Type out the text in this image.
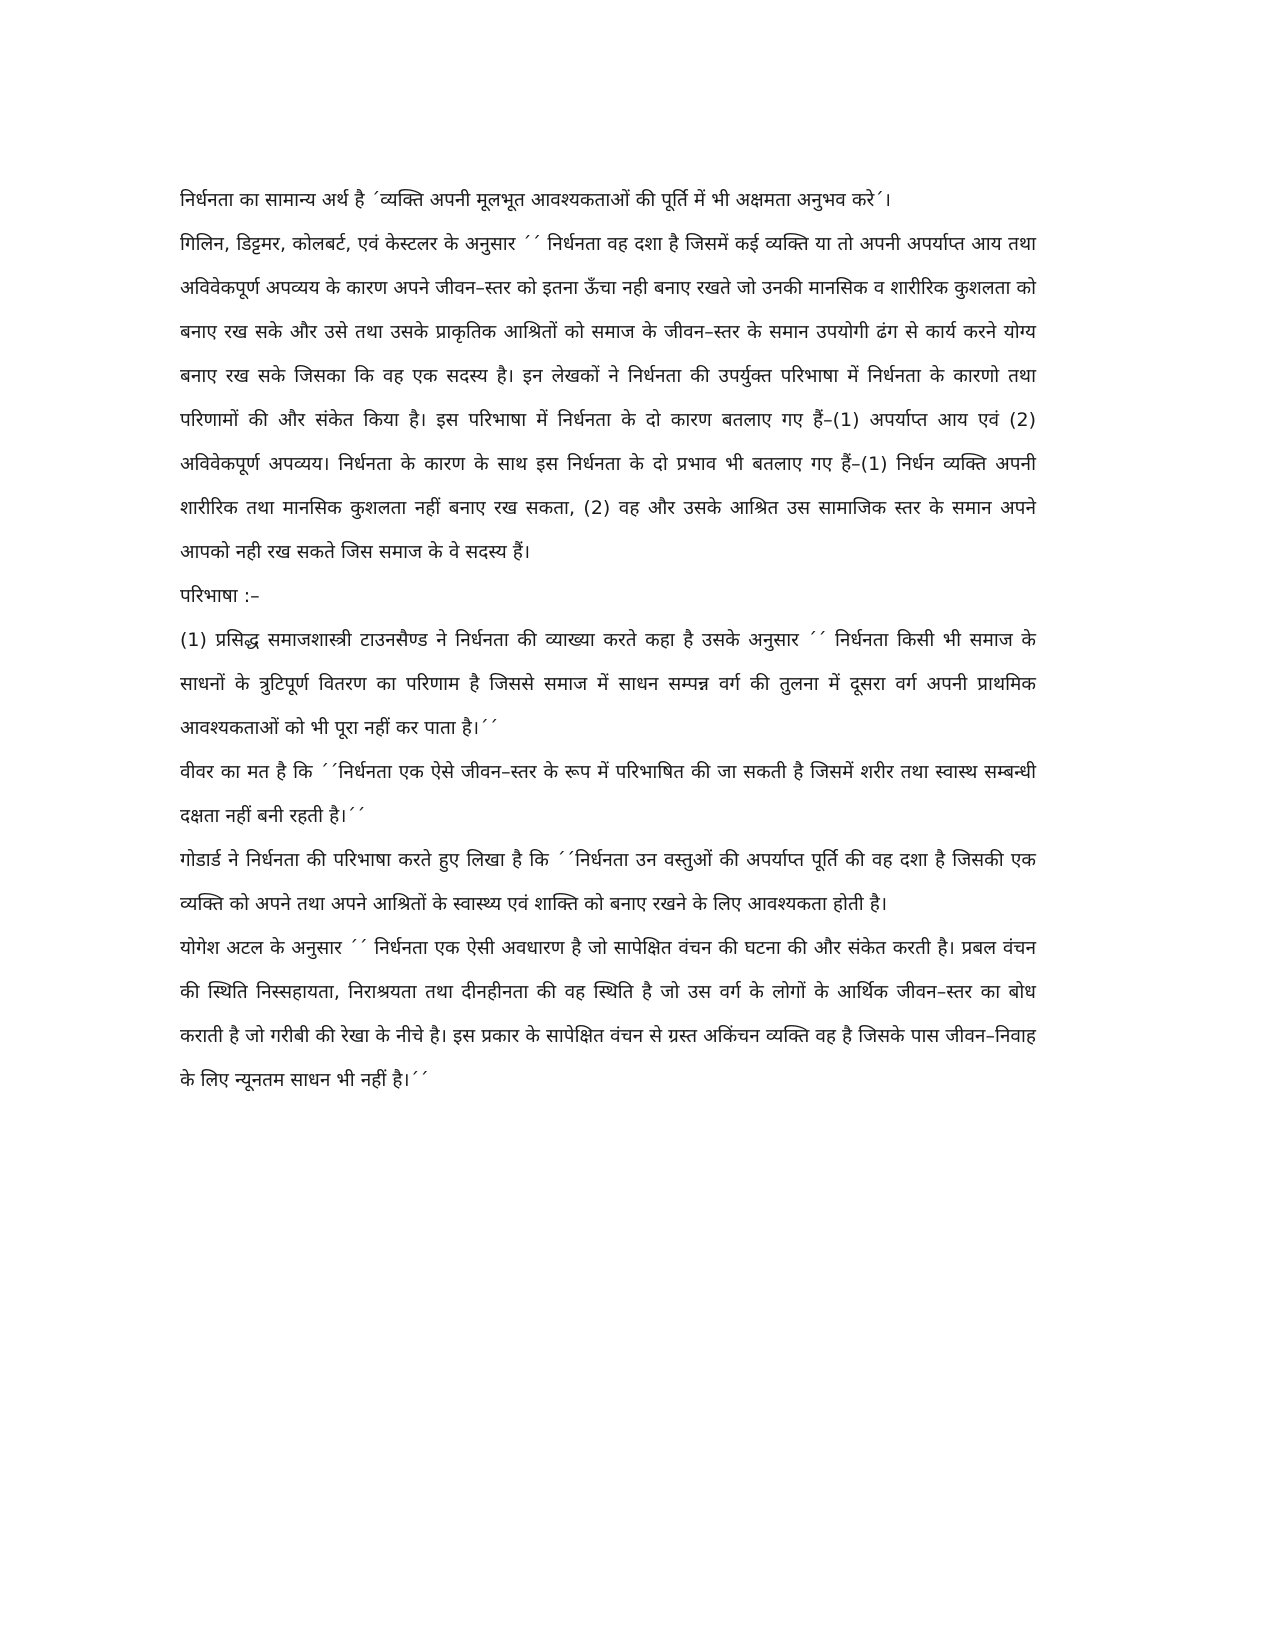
निर्धनता का सामान्य अर्थ है ´व्यक्ति अपनी मूलभूत आवश्यकताओं की पूर्ति में भी अक्षमता अनुभव करे´।

गिलिन, डिट्टमर, कोलबर्ट, एवं केस्टलर के अनुसार ´´ निर्धनता वह दशा है जिसमें कई व्यक्ति या तो अपनी अपर्याप्त आय तथा अविवेकपूर्ण अपव्यय के कारण अपने जीवन–स्तर को इतना ऊँचा नही बनाए रखते जो उनकी मानसिक व शारीरिक कुशलता को बनाए रख सके और उसे तथा उसके प्राकृतिक आश्रितों को समाज के जीवन–स्तर के समान उपयोगी ढंग से कार्य करने योग्य बनाए रख सके जिसका कि वह एक सदस्य है। इन लेखकों ने निर्धनता की उपर्युक्त परिभाषा में निर्धनता के कारणो तथा परिणामों की और संकेत किया है। इस परिभाषा में निर्धनता के दो कारण बतलाए गए हैं–(1) अपर्याप्त आय एवं (2) अविवेकपूर्ण अपव्यय। निर्धनता के कारण के साथ इस निर्धनता के दो प्रभाव भी बतलाए गए हैं–(1) निर्धन व्यक्ति अपनी शारीरिक तथा मानसिक कुशलता नहीं बनाए रख सकता, (2) वह और उसके आश्रित उस सामाजिक स्तर के समान अपने आपको नही रख सकते जिस समाज के वे सदस्य हैं।

परिभाषा :–

(1) प्रसिद्ध समाजशास्त्री टाउनसैण्ड ने निर्धनता की व्याख्या करते कहा है उसके अनुसार ´´ निर्धनता किसी भी समाज के साधनों के त्रुटिपूर्ण वितरण का परिणाम है जिससे समाज में साधन सम्पन्न वर्ग की तुलना में दूसरा वर्ग अपनी प्राथमिक आवश्यकताओं को भी पूरा नहीं कर पाता है।´´

वीवर का मत है कि ´´निर्धनता एक ऐसे जीवन–स्तर के रूप में परिभाषित की जा सकती है जिसमें शरीर तथा स्वास्थ सम्बन्धी दक्षता नहीं बनी रहती है।´´

गोडार्ड ने निर्धनता की परिभाषा करते हुए लिखा है कि ´´निर्धनता उन वस्तुओं की अपर्याप्त पूर्ति की वह दशा है जिसकी एक व्यक्ति को अपने तथा अपने आश्रितों के स्वास्थ्य एवं शाक्ति को बनाए रखने के लिए आवश्यकता होती है।

योगेश अटल के अनुसार ´´ निर्धनता एक ऐसी अवधारण है जो सापेक्षित वंचन की घटना की और संकेत करती है। प्रबल वंचन की स्थिति निस्सहायता, निराश्रयता तथा दीनहीनता की वह स्थिति है जो उस वर्ग के लोगों के आर्थिक जीवन–स्तर का बोध कराती है जो गरीबी की रेखा के नीचे है। इस प्रकार के सापेक्षित वंचन से ग्रस्त अकिंचन व्यक्ति वह है जिसके पास जीवन–निवाह के लिए न्यूनतम साधन भी नहीं है।´´
